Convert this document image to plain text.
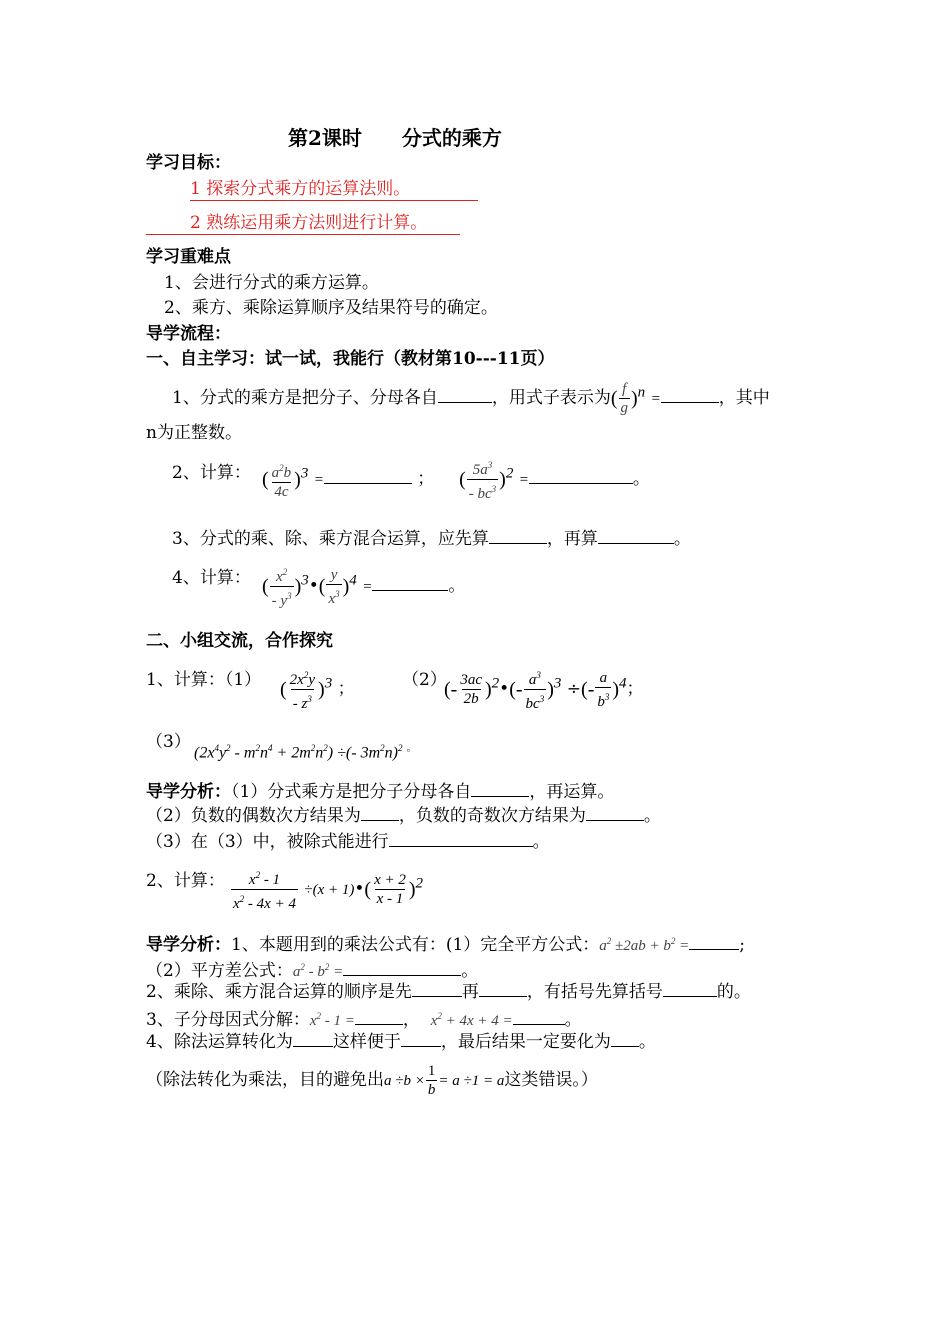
第2课时　　分式的乘方
学习目标：
1 探索分式乘方的运算法则。
2 熟练运用乘方法则进行计算。
学习重难点
1、会进行分式的乘方运算。
2、乘方、乘除运算顺序及结果符号的确定。
导学流程：
一、自主学习：试一试，我能行（教材第10---11页）
1、分式的乘方是把分子、分母各自	，用式子表示为( $\frac{f}{g} )n$ =	，其中
n为正整数。
2、计算： ( $\frac{a^2b}{4c} )3$ =	； ( $\frac{5a^3}{- bc^3} )2$ =	。
3、分式的乘、除、乘方混合运算，应先算	，再算	。
4、计算： ( $\frac{x^2}{- y^3}$ )3•( $\frac{y}{x^3} )4$ =	。
二、小组交流，合作探究
1、计算：（1） ( $\frac{2x^2y}{- z^3} )3$ ；	（2）
(- $\frac{3ac}{2b}$ )2•(- $\frac{a^3}{bc^3} )3$ ÷(- $\frac{a}{b^3} )4$；
（3）
$(2x^4y^2 - m^2n^4 + 2m^2n^2)$ ÷(- $3m^2n)^2$ 。
导学分析：（1）分式乘方是把分子分母各自	，再运算。
（2）负数的偶数次方结果为 ，负数的奇数次方结果为	。
（3）在（3）中，被除式能进行	。
2、计算： $\frac{x^2 - 1}{x^2 - 4x + 4} \div(x$ + 1)•( $\frac{x + 2}{x - 1} )2$
导学分析：1、本题用到的乘法公式有：(1）完全平方公式：$a^2 \pm 2ab + b^2$ =	;
（2）平方差公式：$a^2 - b^2$ =	。
2、乘除、乘方混合运算的顺序是先	再	，有括号先算括号	的。
3、子分母因式分解：$x^2 - 1$ =	， $x^2 + 4x + 4$ =	。
4、除法运算转化为 这样便于 ，最后结果一定要化为 。
（除法转化为乘法，目的避免出$a \div b \times \frac{1}{b} = a \div 1 = a$这类错误。）
